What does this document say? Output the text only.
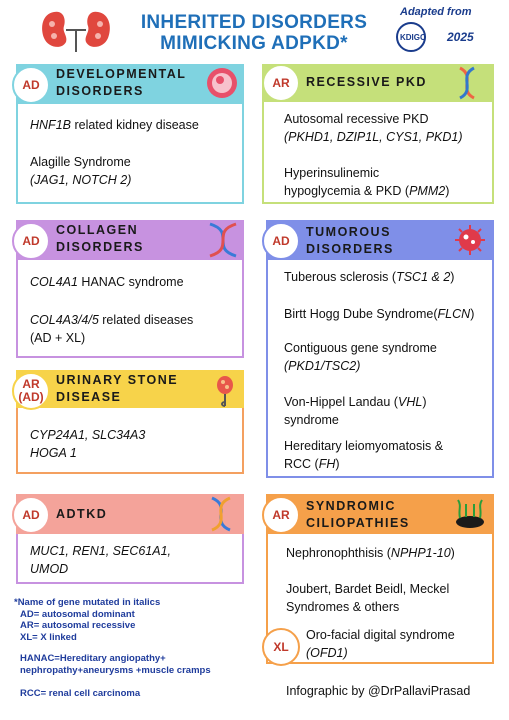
INHERITED DISORDERS
MIMICKING ADPKD*
Adapted from
KDIGO 2025
AD
DEVELOPMENTAL
DISORDERS
HNF1B related kidney disease
Alagille Syndrome
(JAG1, NOTCH 2)
AR	RECESSIVE PKD
Autosomal recessive PKD
(PKHD1, DZIP1L, CYS1, PKD1)
Hyperinsulinemic
hypoglycemia & PKD (PMM2)
AD
COLLAGEN
DISORDERS
COL4A1 HANAC syndrome
COL4A3/4/5 related diseases
(AD + XL)
AD
TUMOROUS
DISORDERS
Tuberous sclerosis (TSC1 & 2)
Birtt Hogg Dube Syndrome(FLCN)
Contiguous gene syndrome
(PKD1/TSC2)
Von-Hippel Landau (VHL)
syndrome
Hereditary leiomyomatosis &
RCC (FH)
AR
(AD)
URINARY STONE
DISEASE
CYP24A1, SLC34A3
HOGA 1
AD	ADTKD
MUC1, REN1, SEC61A1,
UMOD
AR
SYNDROMIC
CILIOPATHIES
Nephronophthisis (NPHP1-10)
Joubert, Bardet Beidl, Meckel
Syndromes & others
XL
Oro-facial digital syndrome
(OFD1)
*Name of gene mutated in italics
AD= autosomal dominant
AR= autosomal recessive
XL= X linked
HANAC=Hereditary angiopathy+
nephropathy+aneurysms +muscle cramps
RCC= renal cell carcinoma	Infographic by @DrPallaviPrasad
